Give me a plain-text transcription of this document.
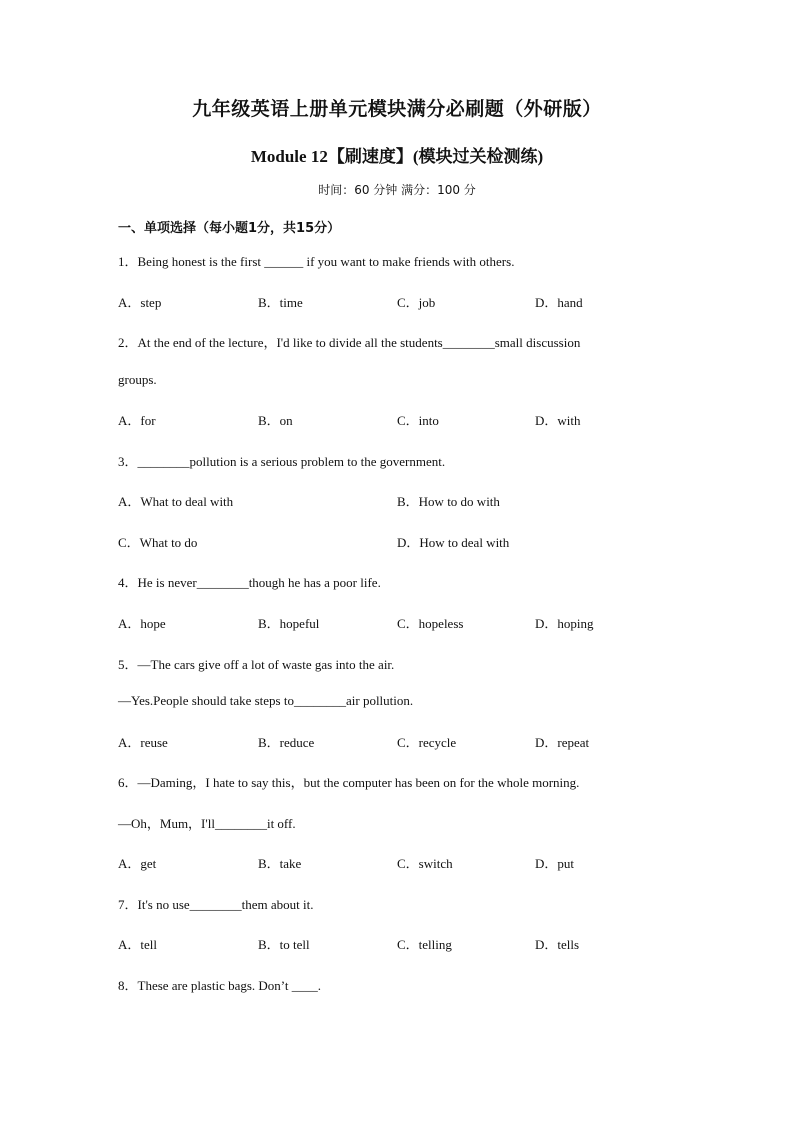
九年级英语上册单元模块满分必刷题（外研版）
Module 12【刷速度】(模块过关检测练)
时间：60 分钟 满分：100 分
一、单项选择（每小题1分，共15分）
1．Being honest is the first ______ if you want to make friends with others.
A．step	B．time	C．job	D．hand
2．At the end of the lecture，I'd like to divide all the students________small discussion
groups.
A．for	B．on	C．into	D．with
3．________pollution is a serious problem to the government.
A．What to deal with	B．How to do with
C．What to do	D．How to deal with
4．He is never________though he has a poor life.
A．hope	B．hopeful	C．hopeless	D．hoping
5．—The cars give off a lot of waste gas into the air.
—Yes.People should take steps to________air pollution.
A．reuse	B．reduce	C．recycle	D．repeat
6．—Daming，I hate to say this，but the computer has been on for the whole morning.
—Oh，Mum，I'll________it off.
A．get	B．take	C．switch	D．put
7．It's no use________them about it.
A．tell	B．to tell	C．telling	D．tells
8．These are plastic bags. Don’t ____.
